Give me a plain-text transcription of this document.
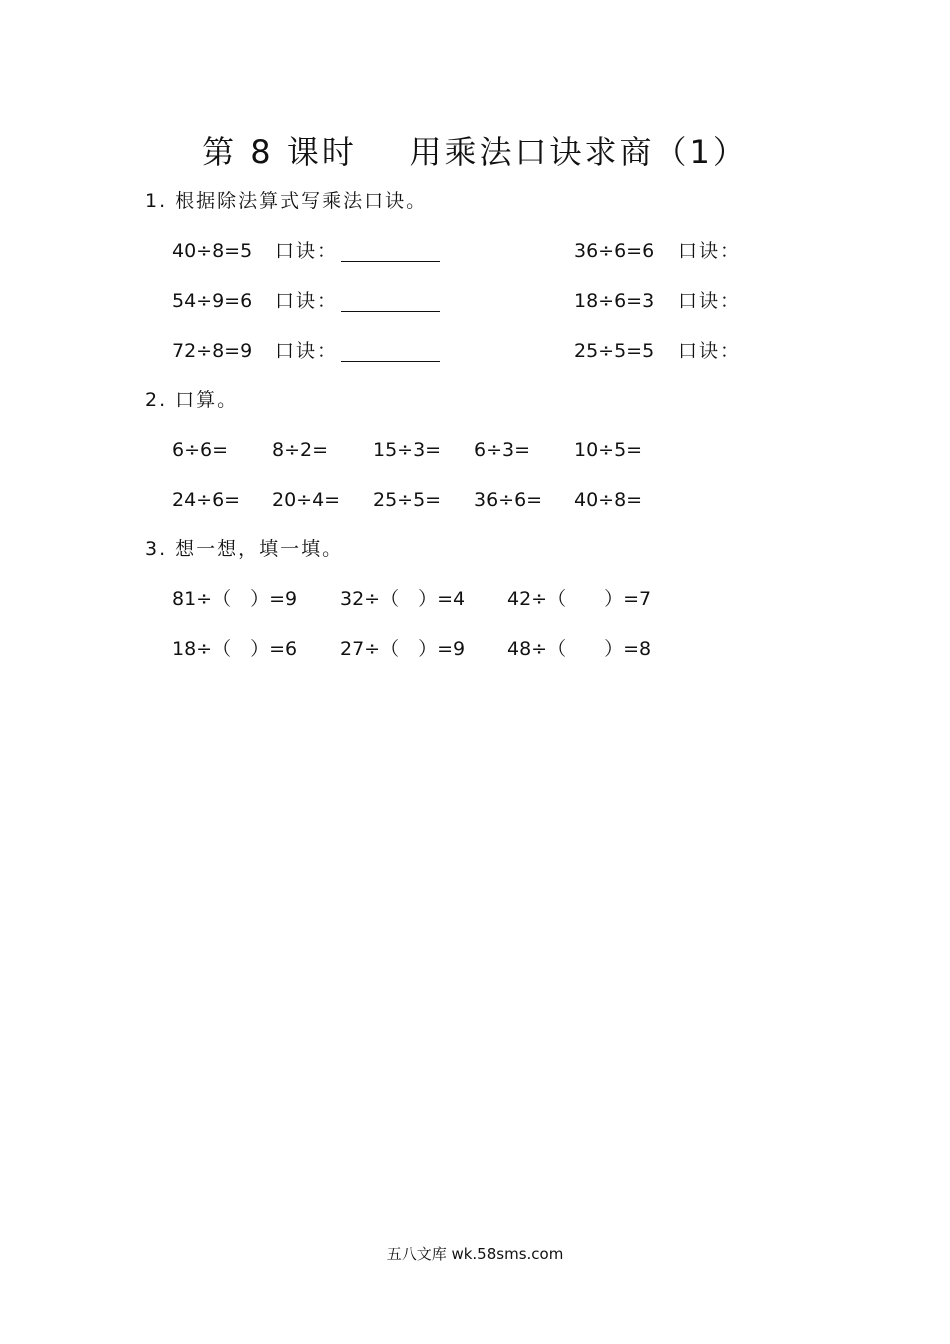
第 8 课时    用乘法口诀求商（1）
1. 根据除法算式写乘法口诀。
40÷8=5 口诀：	36÷6=6 口诀：
54÷9=6 口诀：	18÷6=3 口诀：
72÷8=9 口诀：	25÷5=5 口诀：
2. 口算。
6÷6= 8÷2= 15÷3= 6÷3= 10÷5=
24÷6= 20÷4= 25÷5= 36÷6= 40÷8=
3. 想一想，填一填。
81÷（　）=9 32÷（　）=4 42÷（　　）=7
18÷（　）=6 27÷（　）=9 48÷（　　）=8
五八文库 wk.58sms.com
